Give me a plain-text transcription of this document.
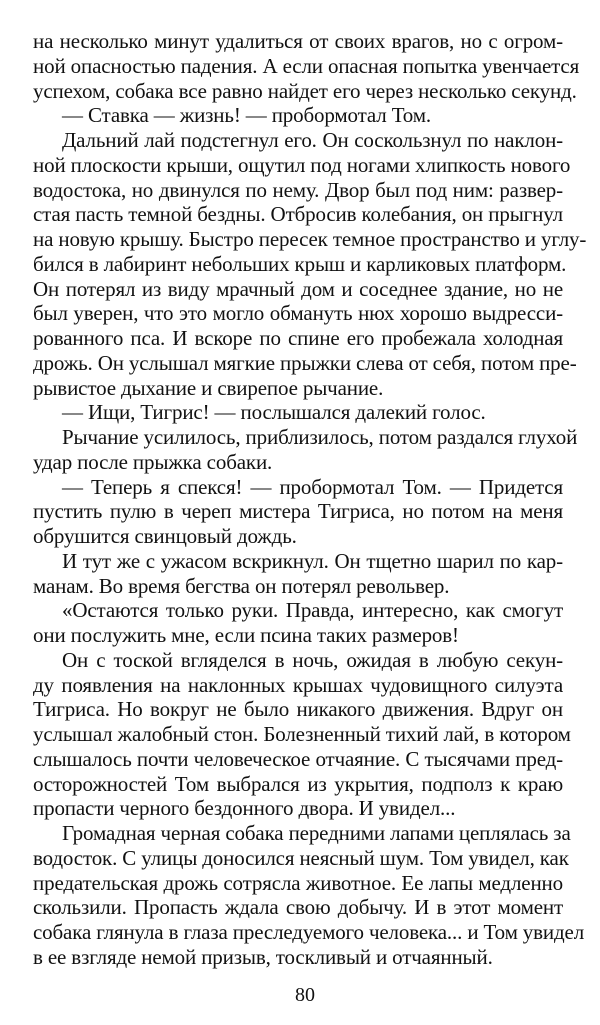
на несколько минут удалиться от своих врагов, но с огром-
ной опасностью падения. А если опасная попытка увенчается
успехом, собака все равно найдет его через несколько секунд.
— Ставка — жизнь! — пробормотал Том.
Дальний лай подстегнул его. Он соскользнул по наклон-
ной плоскости крыши, ощутил под ногами хлипкость нового
водостока, но двинулся по нему. Двор был под ним: развер-
стая пасть темной бездны. Отбросив колебания, он прыгнул
на новую крышу. Быстро пересек темное пространство и углу-
бился в лабиринт небольших крыш и карликовых платформ.
Он потерял из виду мрачный дом и соседнее здание, но не
был уверен, что это могло обмануть нюх хорошо выдресси-
рованного пса. И вскоре по спине его пробежала холодная
дрожь. Он услышал мягкие прыжки слева от себя, потом пре-
рывистое дыхание и свирепое рычание.
— Ищи, Тигрис! — послышался далекий голос.
Рычание усилилось, приблизилось, потом раздался глухой
удар после прыжка собаки.
— Теперь я спекся! — пробормотал Том. — Придется
пустить пулю в череп мистера Тигриса, но потом на меня
обрушится свинцовый дождь.
И тут же с ужасом вскрикнул. Он тщетно шарил по кар-
манам. Во время бегства он потерял револьвер.
«Остаются только руки. Правда, интересно, как смогут
они послужить мне, если псина таких размеров!
Он с тоской вгляделся в ночь, ожидая в любую секун-
ду появления на наклонных крышах чудовищного силуэта
Тигриса. Но вокруг не было никакого движения. Вдруг он
услышал жалобный стон. Болезненный тихий лай, в котором
слышалось почти человеческое отчаяние. С тысячами пред-
осторожностей Том выбрался из укрытия, подполз к краю
пропасти черного бездонного двора. И увидел...
Громадная черная собака передними лапами цеплялась за
водосток. С улицы доносился неясный шум. Том увидел, как
предательская дрожь сотрясла животное. Ее лапы медленно
скользили. Пропасть ждала свою добычу. И в этот момент
собака глянула в глаза преследуемого человека... и Том увидел
в ее взгляде немой призыв, тоскливый и отчаянный.
80
